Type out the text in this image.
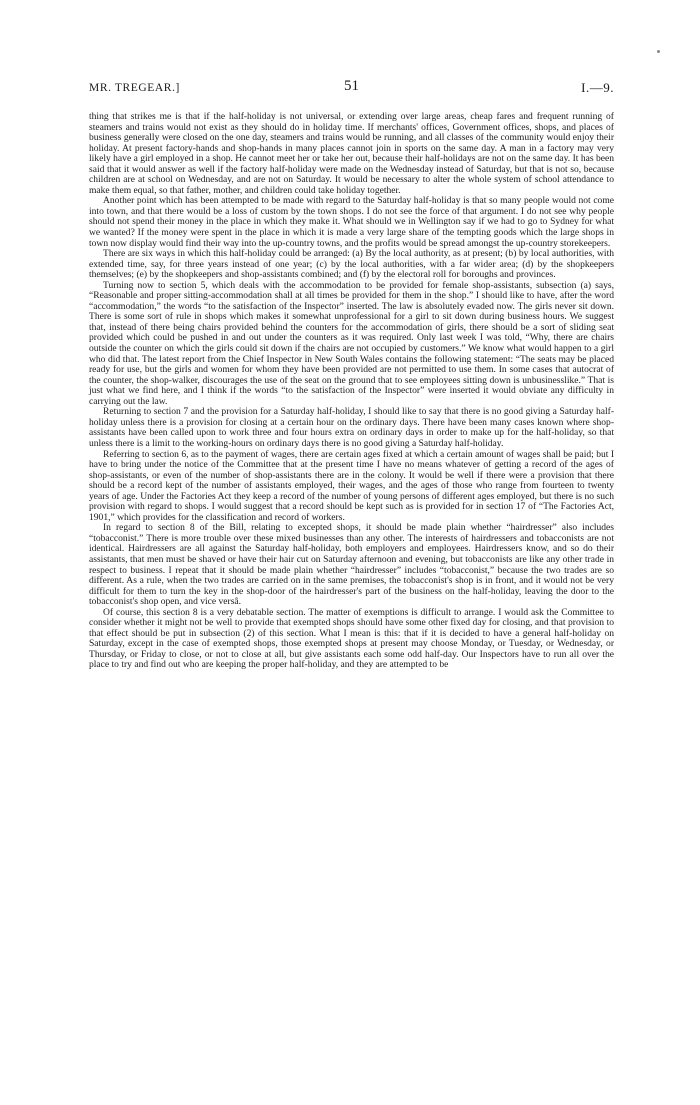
MR. TREGEAR.]	51	I.—9.

thing that strikes me is that if the half-holiday is not universal, or extending over large areas, cheap fares and frequent running of steamers and trains would not exist as they should do in holiday time. If merchants' offices, Government offices, shops, and places of business generally were closed on the one day, steamers and trains would be running, and all classes of the community would enjoy their holiday. At present factory-hands and shop-hands in many places cannot join in sports on the same day. A man in a factory may very likely have a girl employed in a shop. He cannot meet her or take her out, because their half-holidays are not on the same day. It has been said that it would answer as well if the factory half-holiday were made on the Wednesday instead of Saturday, but that is not so, because children are at school on Wednesday, and are not on Saturday. It would be necessary to alter the whole system of school attendance to make them equal, so that father, mother, and children could take holiday together.

Another point which has been attempted to be made with regard to the Saturday half-holiday is that so many people would not come into town, and that there would be a loss of custom by the town shops. I do not see the force of that argument. I do not see why people should not spend their money in the place in which they make it. What should we in Wellington say if we had to go to Sydney for what we wanted? If the money were spent in the place in which it is made a very large share of the tempting goods which the large shops in town now display would find their way into the up-country towns, and the profits would be spread amongst the up-country storekeepers.

There are six ways in which this half-holiday could be arranged: (a) By the local authority, as at present; (b) by local authorities, with extended time, say, for three years instead of one year; (c) by the local authorities, with a far wider area; (d) by the shopkeepers themselves; (e) by the shopkeepers and shop-assistants combined; and (f) by the electoral roll for boroughs and provinces.

Turning now to section 5, which deals with the accommodation to be provided for female shop-assistants, subsection (a) says, “Reasonable and proper sitting-accommodation shall at all times be provided for them in the shop.” I should like to have, after the word “accommodation,” the words “to the satisfaction of the Inspector” inserted. The law is absolutely evaded now. The girls never sit down. There is some sort of rule in shops which makes it somewhat unprofessional for a girl to sit down during business hours. We suggest that, instead of there being chairs provided behind the counters for the accommodation of girls, there should be a sort of sliding seat provided which could be pushed in and out under the counters as it was required. Only last week I was told, “Why, there are chairs outside the counter on which the girls could sit down if the chairs are not occupied by customers.” We know what would happen to a girl who did that. The latest report from the Chief Inspector in New South Wales contains the following statement: “The seats may be placed ready for use, but the girls and women for whom they have been provided are not permitted to use them. In some cases that autocrat of the counter, the shop-walker, discourages the use of the seat on the ground that to see employees sitting down is unbusinesslike.” That is just what we find here, and I think if the words “to the satisfaction of the Inspector” were inserted it would obviate any difficulty in carrying out the law.

Returning to section 7 and the provision for a Saturday half-holiday, I should like to say that there is no good giving a Saturday half-holiday unless there is a provision for closing at a certain hour on the ordinary days. There have been many cases known where shop-assistants have been called upon to work three and four hours extra on ordinary days in order to make up for the half-holiday, so that unless there is a limit to the working-hours on ordinary days there is no good giving a Saturday half-holiday.

Referring to section 6, as to the payment of wages, there are certain ages fixed at which a certain amount of wages shall be paid; but I have to bring under the notice of the Committee that at the present time I have no means whatever of getting a record of the ages of shop-assistants, or even of the number of shop-assistants there are in the colony. It would be well if there were a provision that there should be a record kept of the number of assistants employed, their wages, and the ages of those who range from fourteen to twenty years of age. Under the Factories Act they keep a record of the number of young persons of different ages employed, but there is no such provision with regard to shops. I would suggest that a record should be kept such as is provided for in section 17 of “The Factories Act, 1901,” which provides for the classification and record of workers.

In regard to section 8 of the Bill, relating to excepted shops, it should be made plain whether “hairdresser” also includes “tobacconist.” There is more trouble over these mixed businesses than any other. The interests of hairdressers and tobacconists are not identical. Hairdressers are all against the Saturday half-holiday, both employers and employees. Hairdressers know, and so do their assistants, that men must be shaved or have their hair cut on Saturday afternoon and evening, but tobacconists are like any other trade in respect to business. I repeat that it should be made plain whether “hairdresser” includes “tobacconist,” because the two trades are so different. As a rule, when the two trades are carried on in the same premises, the tobacconist's shop is in front, and it would not be very difficult for them to turn the key in the shop-door of the hairdresser's part of the business on the half-holiday, leaving the door to the tobacconist's shop open, and vice versâ.

Of course, this section 8 is a very debatable section. The matter of exemptions is difficult to arrange. I would ask the Committee to consider whether it might not be well to provide that exempted shops should have some other fixed day for closing, and that provision to that effect should be put in subsection (2) of this section. What I mean is this: that if it is decided to have a general half-holiday on Saturday, except in the case of exempted shops, those exempted shops at present may choose Monday, or Tuesday, or Wednesday, or Thursday, or Friday to close, or not to close at all, but give assistants each some odd half-day. Our Inspectors have to run all over the place to try and find out who are keeping the proper half-holiday, and they are attempted to be
